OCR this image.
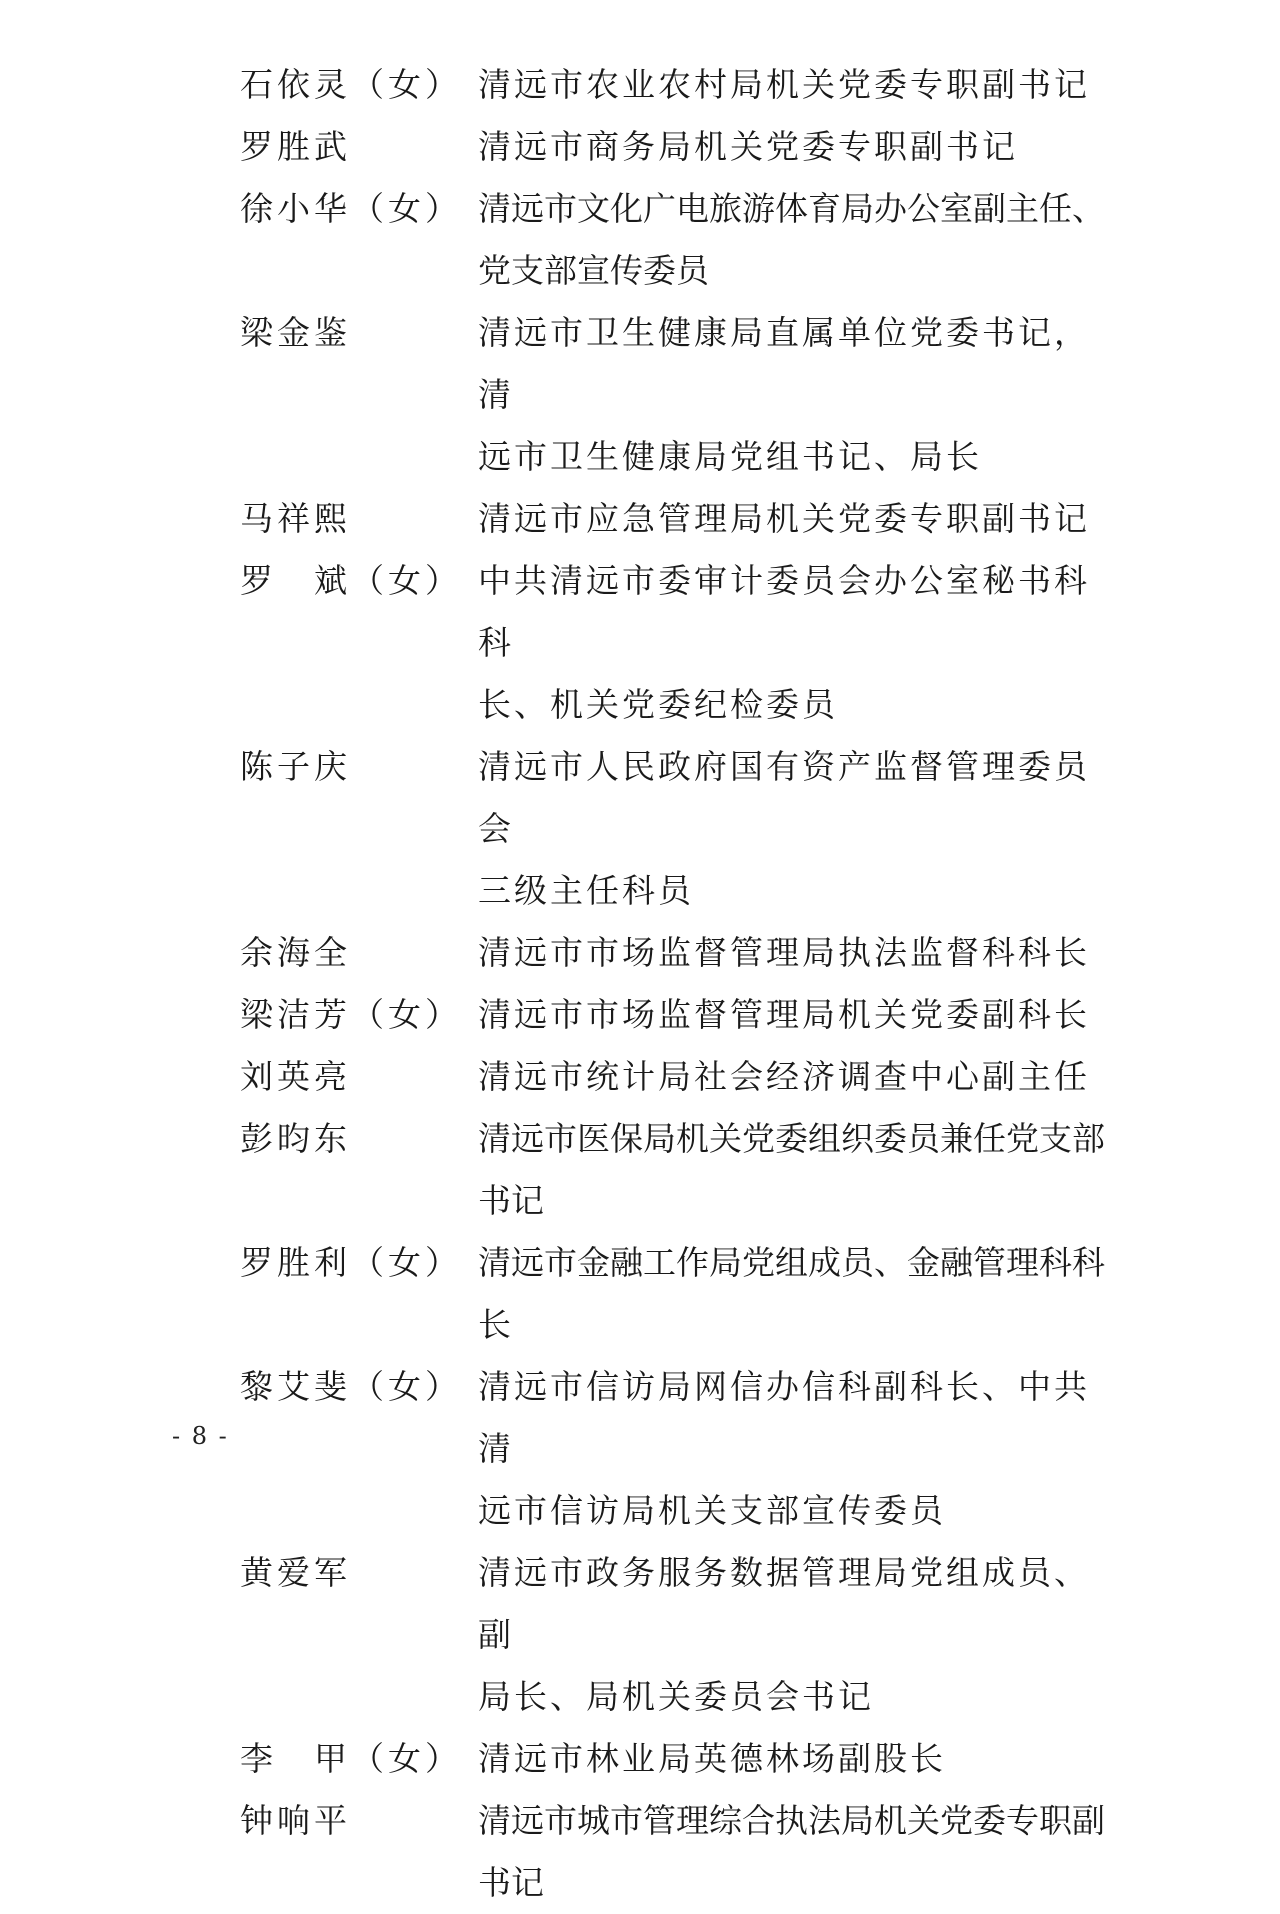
石依灵（女） 清远市农业农村局机关党委专职副书记
罗胜武	清远市商务局机关党委专职副书记
徐小华（女） 清远市文化广电旅游体育局办公室副主任、
党支部宣传委员
梁金鉴	清远市卫生健康局直属单位党委书记，清
远市卫生健康局党组书记、局长
马祥熙	清远市应急管理局机关党委专职副书记
罗　斌（女） 中共清远市委审计委员会办公室秘书科科
长、机关党委纪检委员
陈子庆	清远市人民政府国有资产监督管理委员会
三级主任科员
余海全	清远市市场监督管理局执法监督科科长
梁洁芳（女） 清远市市场监督管理局机关党委副科长
刘英亮	清远市统计局社会经济调查中心副主任
彭昀东	清远市医保局机关党委组织委员兼任党支部书记
罗胜利（女） 清远市金融工作局党组成员、金融管理科科长
黎艾斐（女） 清远市信访局网信办信科副科长、中共清
远市信访局机关支部宣传委员
黄爱军	清远市政务服务数据管理局党组成员、副
局长、局机关委员会书记
李　甲（女） 清远市林业局英德林场副股长
钟响平	清远市城市管理综合执法局机关党委专职副书记
- 8 -
